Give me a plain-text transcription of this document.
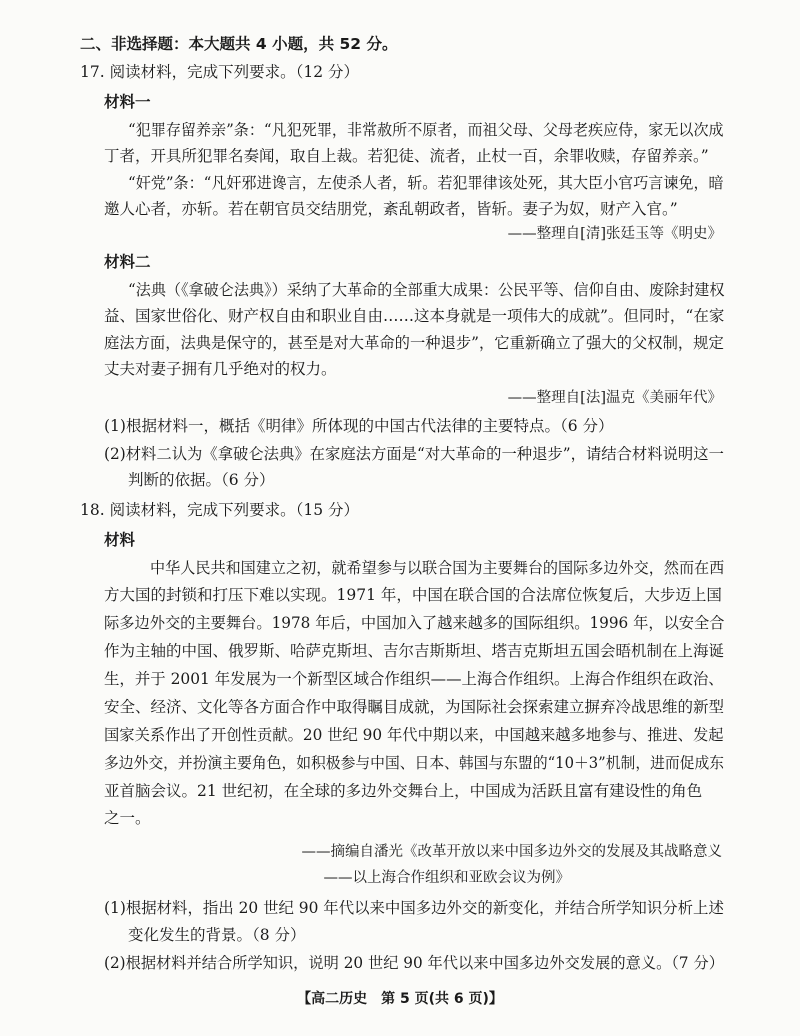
二、非选择题：本大题共 4 小题，共 52 分。
17. 阅读材料，完成下列要求。（12 分）
材料一
“犯罪存留养亲”条：“凡犯死罪，非常赦所不原者，而祖父母、父母老疾应侍，家无以次成
丁者，开具所犯罪名奏闻，取自上裁。若犯徒、流者，止杖一百，余罪收赎，存留养亲。”
“奸党”条：“凡奸邪进谗言，左使杀人者，斩。若犯罪律该处死，其大臣小官巧言谏免，暗
邀人心者，亦斩。若在朝官员交结朋党，紊乱朝政者，皆斩。妻子为奴，财产入官。”
——整理自[清]张廷玉等《明史》
材料二
“法典（《拿破仑法典》）采纳了大革命的全部重大成果：公民平等、信仰自由、废除封建权
益、国家世俗化、财产权自由和职业自由……这本身就是一项伟大的成就”。但同时，“在家
庭法方面，法典是保守的，甚至是对大革命的一种退步”，它重新确立了强大的父权制，规定
丈夫对妻子拥有几乎绝对的权力。
——整理自[法]温克《美丽年代》
(1)根据材料一，概括《明律》所体现的中国古代法律的主要特点。（6 分）
(2)材料二认为《拿破仑法典》在家庭法方面是“对大革命的一种退步”，请结合材料说明这一
判断的依据。（6 分）
18. 阅读材料，完成下列要求。（15 分）
材料
中华人民共和国建立之初，就希望参与以联合国为主要舞台的国际多边外交，然而在西
方大国的封锁和打压下难以实现。1971 年，中国在联合国的合法席位恢复后，大步迈上国
际多边外交的主要舞台。1978 年后，中国加入了越来越多的国际组织。1996 年，以安全合
作为主轴的中国、俄罗斯、哈萨克斯坦、吉尔吉斯斯坦、塔吉克斯坦五国会晤机制在上海诞
生，并于 2001 年发展为一个新型区域合作组织——上海合作组织。上海合作组织在政治、
安全、经济、文化等各方面合作中取得瞩目成就，为国际社会探索建立摒弃冷战思维的新型
国家关系作出了开创性贡献。20 世纪 90 年代中期以来，中国越来越多地参与、推进、发起
多边外交，并扮演主要角色，如积极参与中国、日本、韩国与东盟的“10＋3”机制，进而促成东
亚首脑会议。21 世纪初，在全球的多边外交舞台上，中国成为活跃且富有建设性的角色
之一。
——摘编自潘光《改革开放以来中国多边外交的发展及其战略意义
——以上海合作组织和亚欧会议为例》
(1)根据材料，指出 20 世纪 90 年代以来中国多边外交的新变化，并结合所学知识分析上述
变化发生的背景。（8 分）
(2)根据材料并结合所学知识，说明 20 世纪 90 年代以来中国多边外交发展的意义。（7 分）
【高二历史　第 5 页(共 6 页)】
